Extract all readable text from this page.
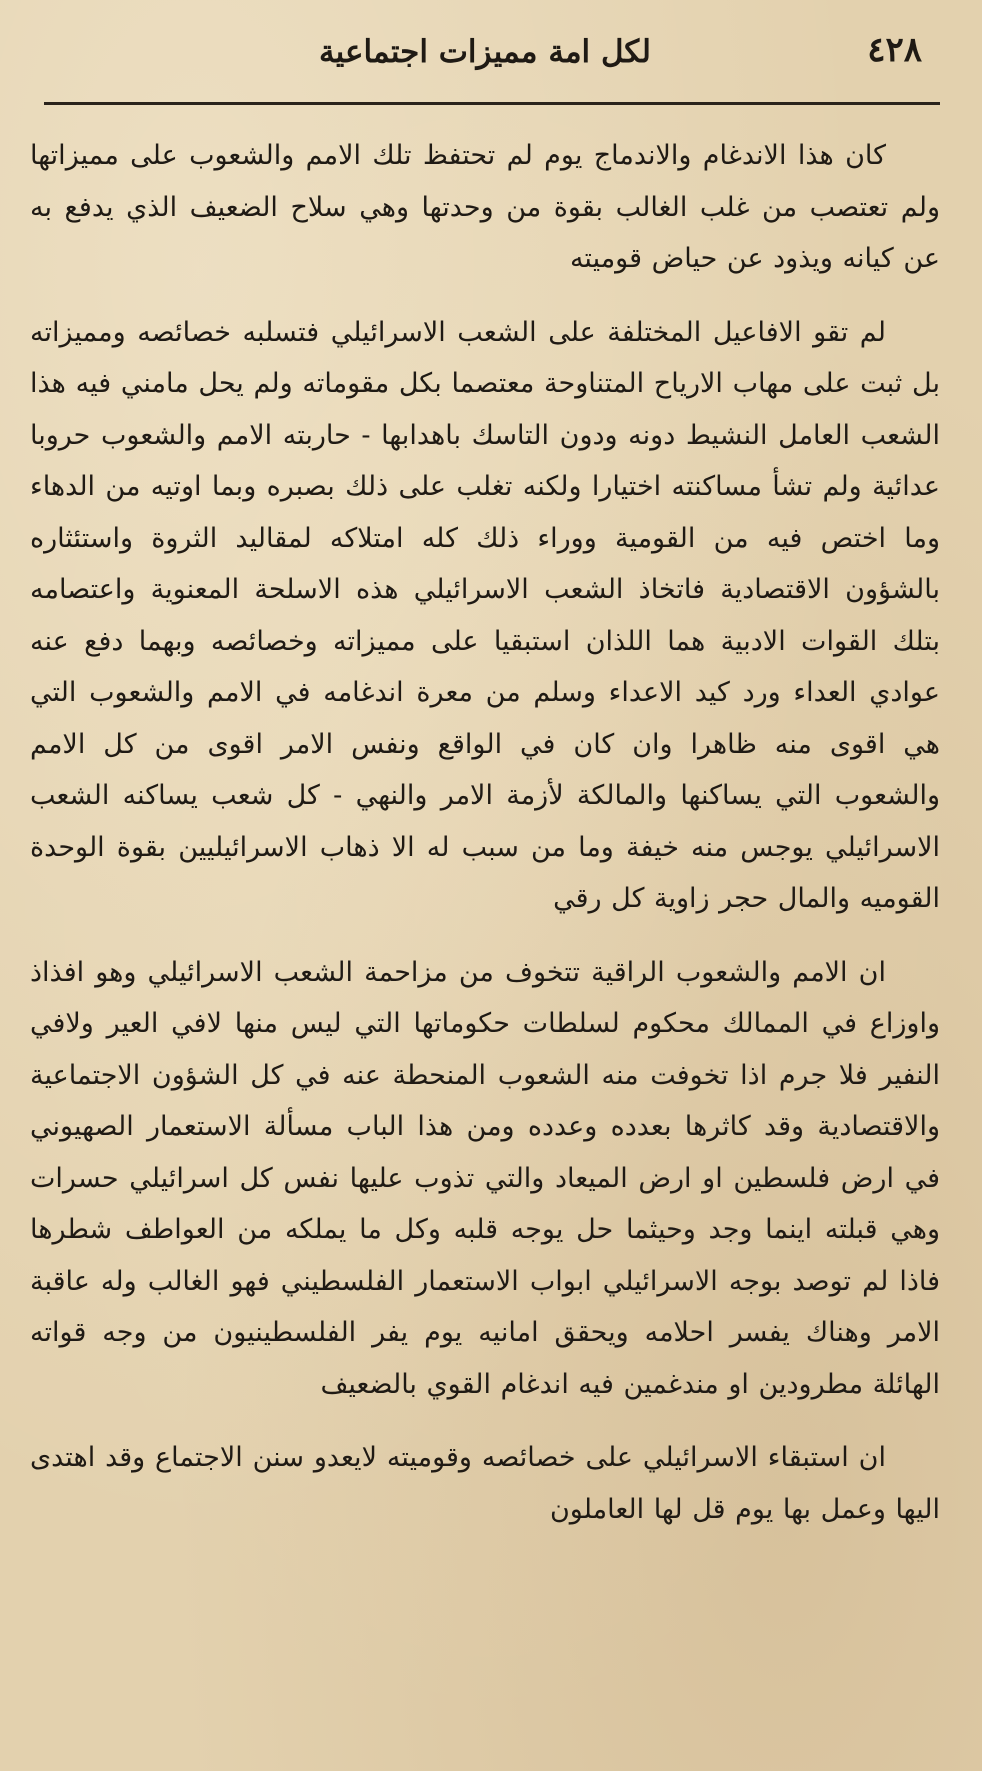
٤٢٨
لكل امة مميزات اجتماعية

كان هذا الاندغام والاندماج يوم لم تحتفظ تلك الامم والشعوب على مميزاتها ولم تعتصب من غلب الغالب بقوة من وحدتها وهي سلاح الضعيف الذي يدفع به عن كيانه ويذود عن حياض قوميته

لم تقو الافاعيل المختلفة على الشعب الاسرائيلي فتسلبه خصائصه ومميزاته بل ثبت على مهاب الارياح المتناوحة معتصما بكل مقوماته ولم يحل مامني فيه هذا الشعب العامل النشيط دونه ودون التاسك باهدابها - حاربته الامم والشعوب حروبا عدائية ولم تشأ مساكنته اختيارا ولكنه تغلب على ذلك بصبره وبما اوتيه من الدهاء وما اختص فيه من القومية ووراء ذلك كله امتلاكه لمقاليد الثروة واستئثاره بالشؤون الاقتصادية فاتخاذ الشعب الاسرائيلي هذه الاسلحة المعنوية واعتصامه بتلك القوات الادبية هما اللذان استبقيا على مميزاته وخصائصه وبهما دفع عنه عوادي العداء ورد كيد الاعداء وسلم من معرة اندغامه في الامم والشعوب التي هي اقوى منه ظاهرا وان كان في الواقع ونفس الامر اقوى من كل الامم والشعوب التي يساكنها والمالكة لأزمة الامر والنهي - كل شعب يساكنه الشعب الاسرائيلي يوجس منه خيفة وما من سبب له الا ذهاب الاسرائيليين بقوة الوحدة القوميه والمال حجر زاوية كل رقي

ان الامم والشعوب الراقية تتخوف من مزاحمة الشعب الاسرائيلي وهو افذاذ واوزاع في الممالك محكوم لسلطات حكوماتها التي ليس منها لافي العير ولافي النفير فلا جرم اذا تخوفت منه الشعوب المنحطة عنه في كل الشؤون الاجتماعية والاقتصادية وقد كاثرها بعدده وعدده ومن هذا الباب مسألة الاستعمار الصهيوني في ارض فلسطين او ارض الميعاد والتي تذوب عليها نفس كل اسرائيلي حسرات وهي قبلته اينما وجد وحيثما حل يوجه قلبه وكل ما يملكه من العواطف شطرها فاذا لم توصد بوجه الاسرائيلي ابواب الاستعمار الفلسطيني فهو الغالب وله عاقبة الامر وهناك يفسر احلامه ويحقق امانيه يوم يفر الفلسطينيون من وجه قواته الهائلة مطرودين او مندغمين فيه اندغام القوي بالضعيف

ان استبقاء الاسرائيلي على خصائصه وقوميته لايعدو سنن الاجتماع وقد اهتدى اليها وعمل بها يوم قل لها العاملون
